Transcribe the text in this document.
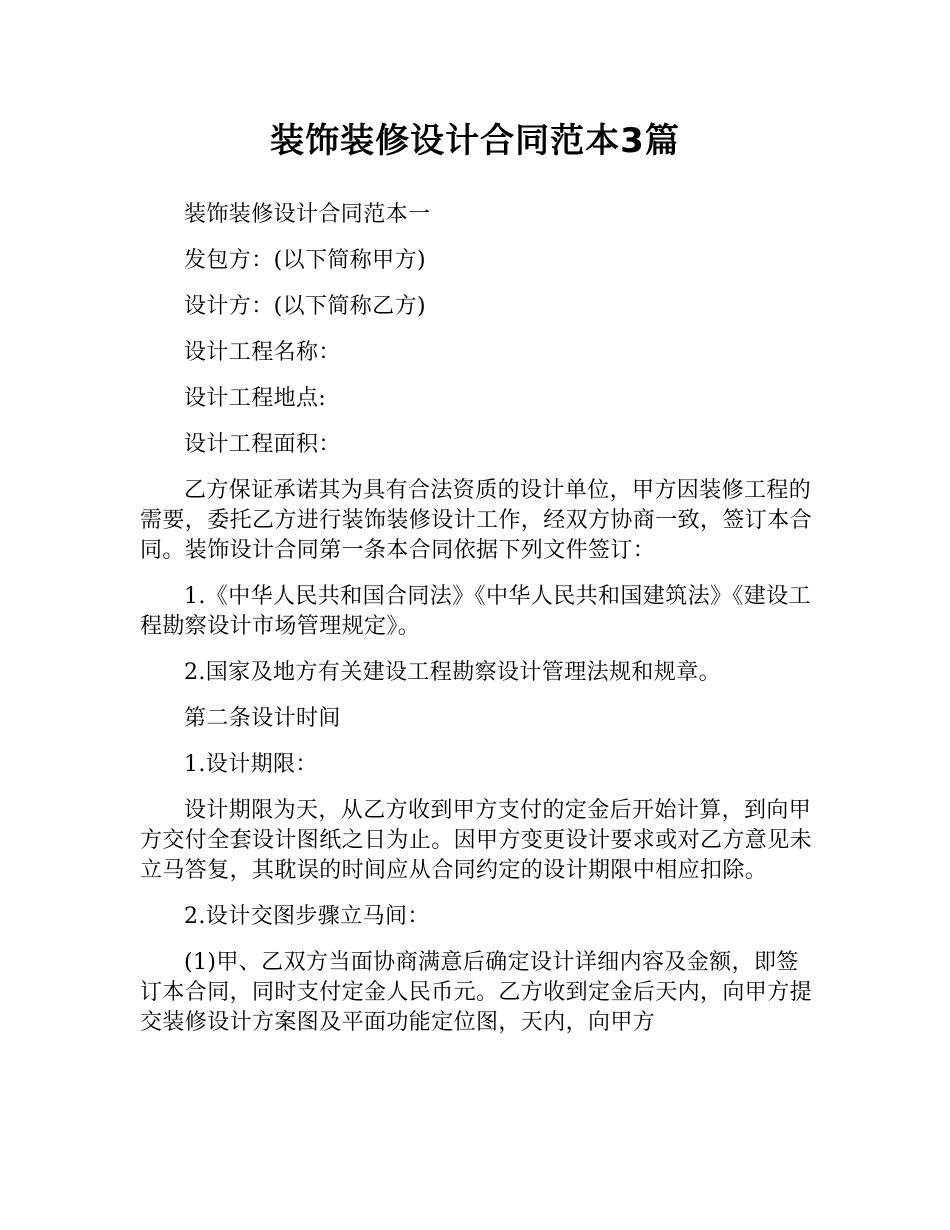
装饰装修设计合同范本3篇

装饰装修设计合同范本一

发包方：(以下简称甲方)

设计方：(以下简称乙方)

设计工程名称：

设计工程地点:

设计工程面积：

乙方保证承诺其为具有合法资质的设计单位，甲方因装修工程的需要，委托乙方进行装饰装修设计工作，经双方协商一致，签订本合同。装饰设计合同第一条本合同依据下列文件签订：

1.《中华人民共和国合同法》《中华人民共和国建筑法》《建设工程勘察设计市场管理规定》。

2.国家及地方有关建设工程勘察设计管理法规和规章。

第二条设计时间

1.设计期限：

设计期限为天，从乙方收到甲方支付的定金后开始计算，到向甲方交付全套设计图纸之日为止。因甲方变更设计要求或对乙方意见未立马答复，其耽误的时间应从合同约定的设计期限中相应扣除。

2.设计交图步骤立马间：

(1)甲、乙双方当面协商满意后确定设计详细内容及金额，即签订本合同，同时支付定金人民币元。乙方收到定金后天内，向甲方提交装修设计方案图及平面功能定位图，天内，向甲方
